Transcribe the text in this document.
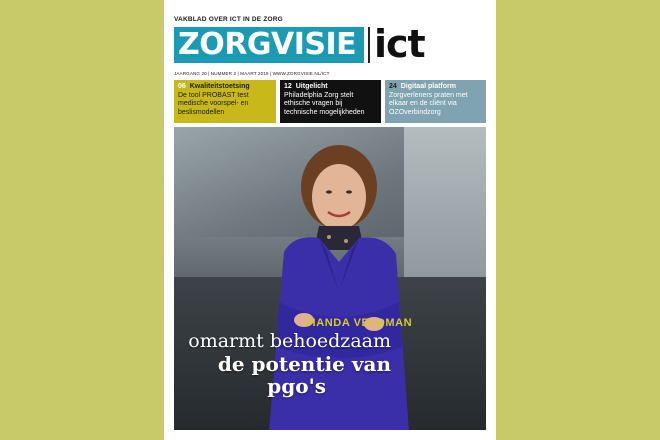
VAKBLAD OVER ICT IN DE ZORG
ZORGVISIE ict
JAARGANG 20 | NUMMER 2 | MAART 2019 | WWW.ZORGVISIE.NL/ICT
06 Kwaliteitstoetsing
De tool PROBAST test medische voorspel- en beslismodellen
12 Uitgelicht
Philadelphia Zorg stelt ethische vragen bij technische mogelijkheden
24 Digitaal platform
Zorgverleners praten met elkaar en de cliënt via OZOverbindzorg
DIANDA VELDMAN
omarmt behoedzaam
de potentie van
pgo's
